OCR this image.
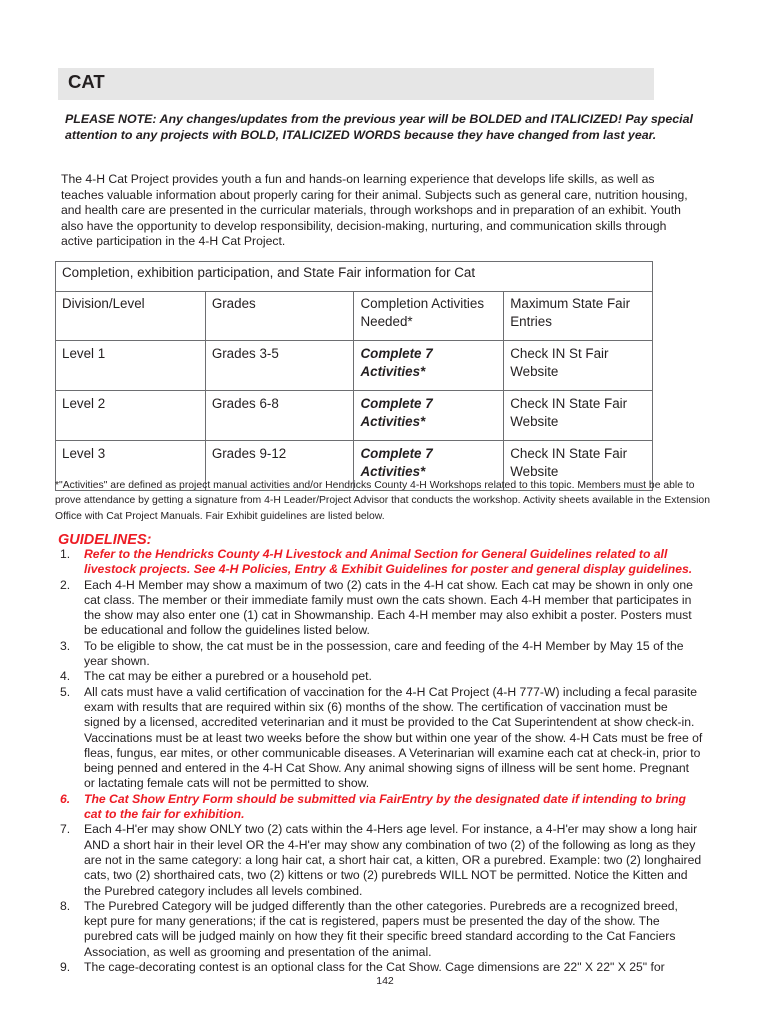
CAT
PLEASE NOTE: Any changes/updates from the previous year will be BOLDED and ITALICIZED! Pay special attention to any projects with BOLD, ITALICIZED WORDS because they have changed from last year.
The 4-H Cat Project provides youth a fun and hands-on learning experience that develops life skills, as well as teaches valuable information about properly caring for their animal. Subjects such as general care, nutrition housing, and health care are presented in the curricular materials, through workshops and in preparation of an exhibit. Youth also have the opportunity to develop responsibility, decision-making, nurturing, and communication skills through active participation in the 4-H Cat Project.
Completion, exhibition participation, and State Fair information for Cat			
Division/Level	Grades	Completion Activities Needed*	Maximum State Fair Entries
Level 1	Grades 3-5	Complete 7 Activities*	Check IN St Fair Website
Level 2	Grades 6-8	Complete 7 Activities*	Check IN State Fair Website
Level 3	Grades 9-12	Complete 7 Activities*	Check IN State Fair Website
*"Activities" are defined as project manual activities and/or Hendricks County 4-H Workshops related to this topic. Members must be able to prove attendance by getting a signature from 4-H Leader/Project Advisor that conducts the workshop. Activity sheets available in the Extension Office with Cat Project Manuals. Fair Exhibit guidelines are listed below.
GUIDELINES:
1. Refer to the Hendricks County 4-H Livestock and Animal Section for General Guidelines related to all livestock projects. See 4-H Policies, Entry & Exhibit Guidelines for poster and general display guidelines.
2. Each 4-H Member may show a maximum of two (2) cats in the 4-H cat show. Each cat may be shown in only one cat class. The member or their immediate family must own the cats shown. Each 4-H member that participates in the show may also enter one (1) cat in Showmanship. Each 4-H member may also exhibit a poster. Posters must be educational and follow the guidelines listed below.
3. To be eligible to show, the cat must be in the possession, care and feeding of the 4-H Member by May 15 of the year shown.
4. The cat may be either a purebred or a household pet.
5. All cats must have a valid certification of vaccination for the 4-H Cat Project (4-H 777-W) including a fecal parasite exam with results that are required within six (6) months of the show. The certification of vaccination must be signed by a licensed, accredited veterinarian and it must be provided to the Cat Superintendent at show check-in. Vaccinations must be at least two weeks before the show but within one year of the show. 4-H Cats must be free of fleas, fungus, ear mites, or other communicable diseases. A Veterinarian will examine each cat at check-in, prior to being penned and entered in the 4-H Cat Show. Any animal showing signs of illness will be sent home. Pregnant or lactating female cats will not be permitted to show.
6. The Cat Show Entry Form should be submitted via FairEntry by the designated date if intending to bring cat to the fair for exhibition.
7. Each 4-H'er may show ONLY two (2) cats within the 4-Hers age level. For instance, a 4-H'er may show a long hair AND a short hair in their level OR the 4-H'er may show any combination of two (2) of the following as long as they are not in the same category: a long hair cat, a short hair cat, a kitten, OR a purebred. Example: two (2) longhaired cats, two (2) shorthaired cats, two (2) kittens or two (2) purebreds WILL NOT be permitted. Notice the Kitten and the Purebred category includes all levels combined.
8. The Purebred Category will be judged differently than the other categories. Purebreds are a recognized breed, kept pure for many generations; if the cat is registered, papers must be presented the day of the show. The purebred cats will be judged mainly on how they fit their specific breed standard according to the Cat Fanciers Association, as well as grooming and presentation of the animal.
9. The cage-decorating contest is an optional class for the Cat Show. Cage dimensions are 22" X 22" X 25" for
142
